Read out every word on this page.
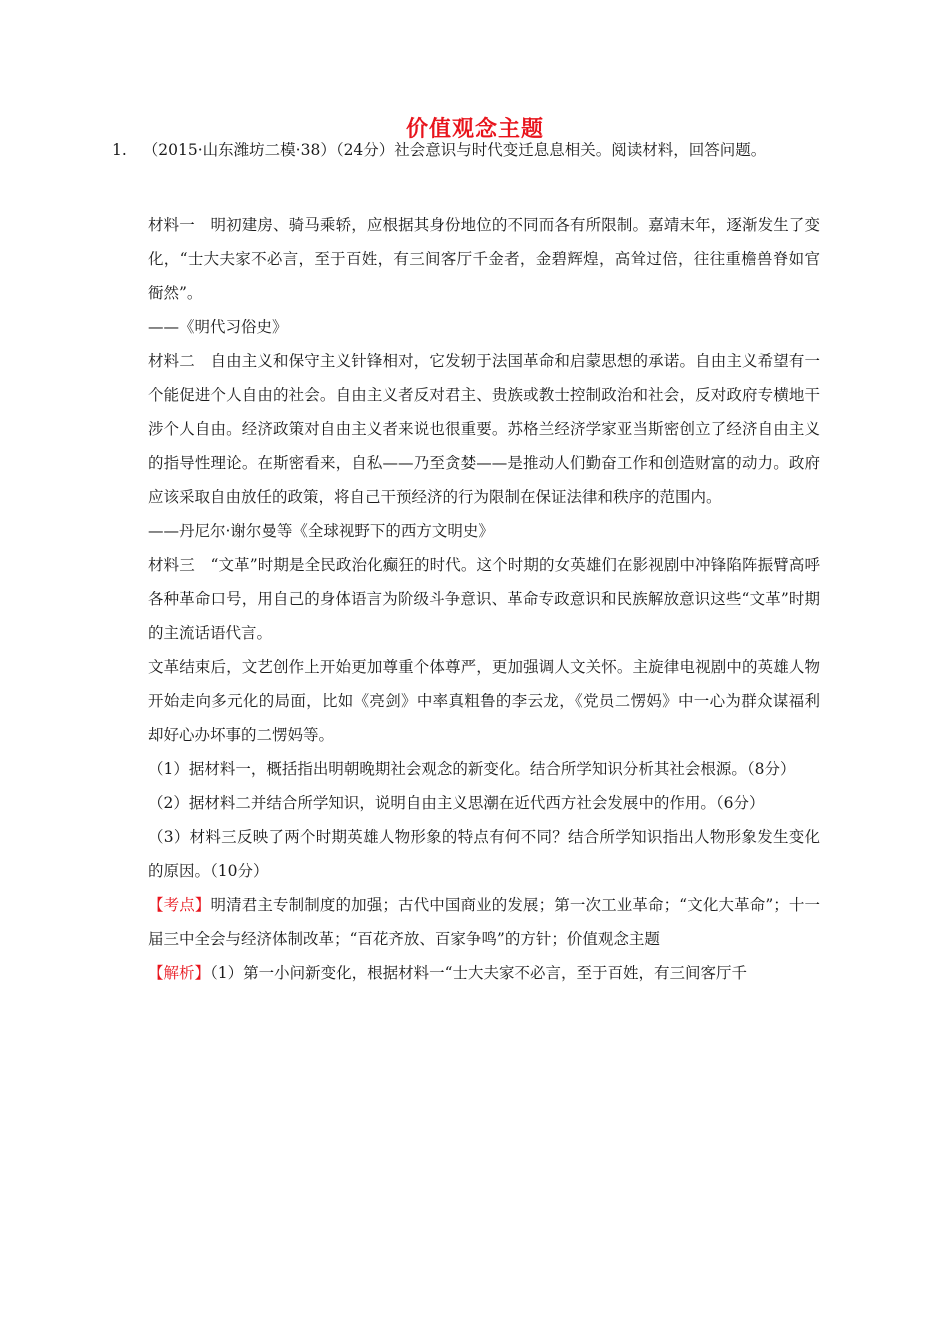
价值观念主题
1. （2015·山东潍坊二模·38）（24分）社会意识与时代变迁息息相关。阅读材料，回答问题。

材料一　明初建房、骑马乘轿，应根据其身份地位的不同而各有所限制。嘉靖末年，逐渐发生了变化，“士大夫家不必言，至于百姓，有三间客厅千金者，金碧辉煌，高耸过倍，往往重檐兽脊如官衙然”。

——《明代习俗史》

材料二　自由主义和保守主义针锋相对，它发轫于法国革命和启蒙思想的承诺。自由主义希望有一个能促进个人自由的社会。自由主义者反对君主、贵族或教士控制政治和社会，反对政府专横地干涉个人自由。经济政策对自由主义者来说也很重要。苏格兰经济学家亚当斯密创立了经济自由主义的指导性理论。在斯密看来，自私——乃至贪婪——是推动人们勤奋工作和创造财富的动力。政府应该采取自由放任的政策，将自己干预经济的行为限制在保证法律和秩序的范围内。

——丹尼尔·谢尔曼等《全球视野下的西方文明史》

材料三　“文革”时期是全民政治化癫狂的时代。这个时期的女英雄们在影视剧中冲锋陷阵振臂高呼各种革命口号，用自己的身体语言为阶级斗争意识、革命专政意识和民族解放意识这些“文革”时期的主流话语代言。

文革结束后，文艺创作上开始更加尊重个体尊严，更加强调人文关怀。主旋律电视剧中的英雄人物开始走向多元化的局面，比如《亮剑》中率真粗鲁的李云龙，《党员二愣妈》中一心为群众谋福利却好心办坏事的二愣妈等。

（1）据材料一，概括指出明朝晚期社会观念的新变化。结合所学知识分析其社会根源。（8分）

（2）据材料二并结合所学知识，说明自由主义思潮在近代西方社会发展中的作用。（6分）

（3）材料三反映了两个时期英雄人物形象的特点有何不同？结合所学知识指出人物形象发生变化的原因。（10分）

【考点】明清君主专制制度的加强；古代中国商业的发展；第一次工业革命；“文化大革命”；十一届三中全会与经济体制改革；“百花齐放、百家争鸣”的方针；价值观念主题

【解析】（1）第一小问新变化，根据材料一“士大夫家不必言，至于百姓，有三间客厅千
